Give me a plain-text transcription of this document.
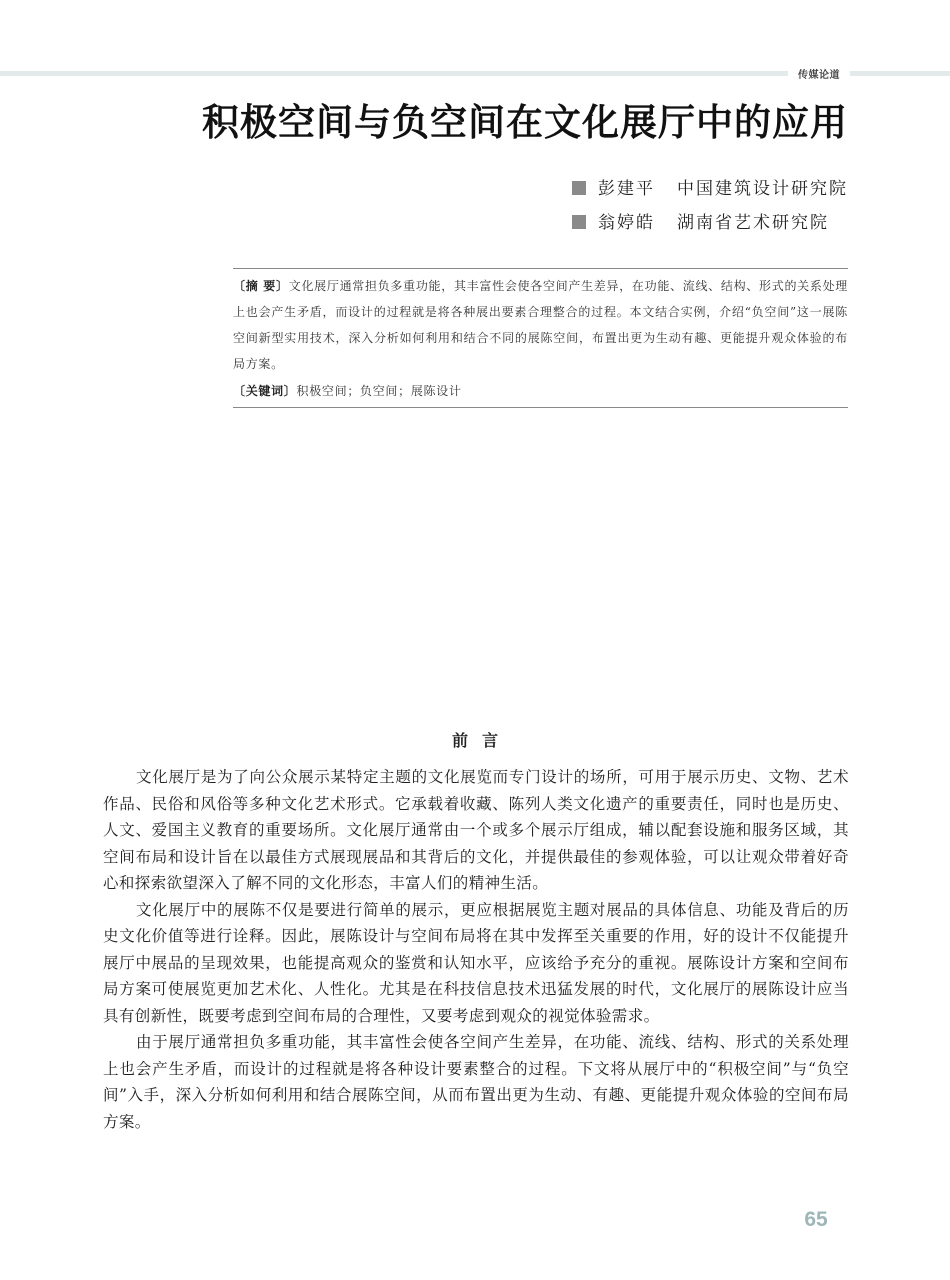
传媒论道
积极空间与负空间在文化展厅中的应用
彭建平 中国建筑设计研究院
翁婷皓 湖南省艺术研究院

〔摘 要〕文化展厅通常担负多重功能，其丰富性会使各空间产生差异，在功能、流线、结构、形式的关系处理上也会产生矛盾，而设计的过程就是将各种展出要素合理整合的过程。本文结合实例，介绍“负空间”这一展陈空间新型实用技术，深入分析如何利用和结合不同的展陈空间，布置出更为生动有趣、更能提升观众体验的布局方案。

〔关键词〕积极空间；负空间；展陈设计

前言

文化展厅是为了向公众展示某特定主题的文化展览而专门设计的场所，可用于展示历史、文物、艺术作品、民俗和风俗等多种文化艺术形式。它承载着收藏、陈列人类文化遗产的重要责任，同时也是历史、人文、爱国主义教育的重要场所。文化展厅通常由一个或多个展示厅组成，辅以配套设施和服务区域，其空间布局和设计旨在以最佳方式展现展品和其背后的文化，并提供最佳的参观体验，可以让观众带着好奇心和探索欲望深入了解不同的文化形态，丰富人们的精神生活。

文化展厅中的展陈不仅是要进行简单的展示，更应根据展览主题对展品的具体信息、功能及背后的历史文化价值等进行诠释。因此，展陈设计与空间布局将在其中发挥至关重要的作用，好的设计不仅能提升展厅中展品的呈现效果，也能提高观众的鉴赏和认知水平，应该给予充分的重视。展陈设计方案和空间布局方案可使展览更加艺术化、人性化。尤其是在科技信息技术迅猛发展的时代，文化展厅的展陈设计应当具有创新性，既要考虑到空间布局的合理性，又要考虑到观众的视觉体验需求。

由于展厅通常担负多重功能，其丰富性会使各空间产生差异，在功能、流线、结构、形式的关系处理上也会产生矛盾，而设计的过程就是将各种设计要素整合的过程。下文将从展厅中的“积极空间”与“负空间”入手，深入分析如何利用和结合展陈空间，从而布置出更为生动、有趣、更能提升观众体验的空间布局方案。

65
